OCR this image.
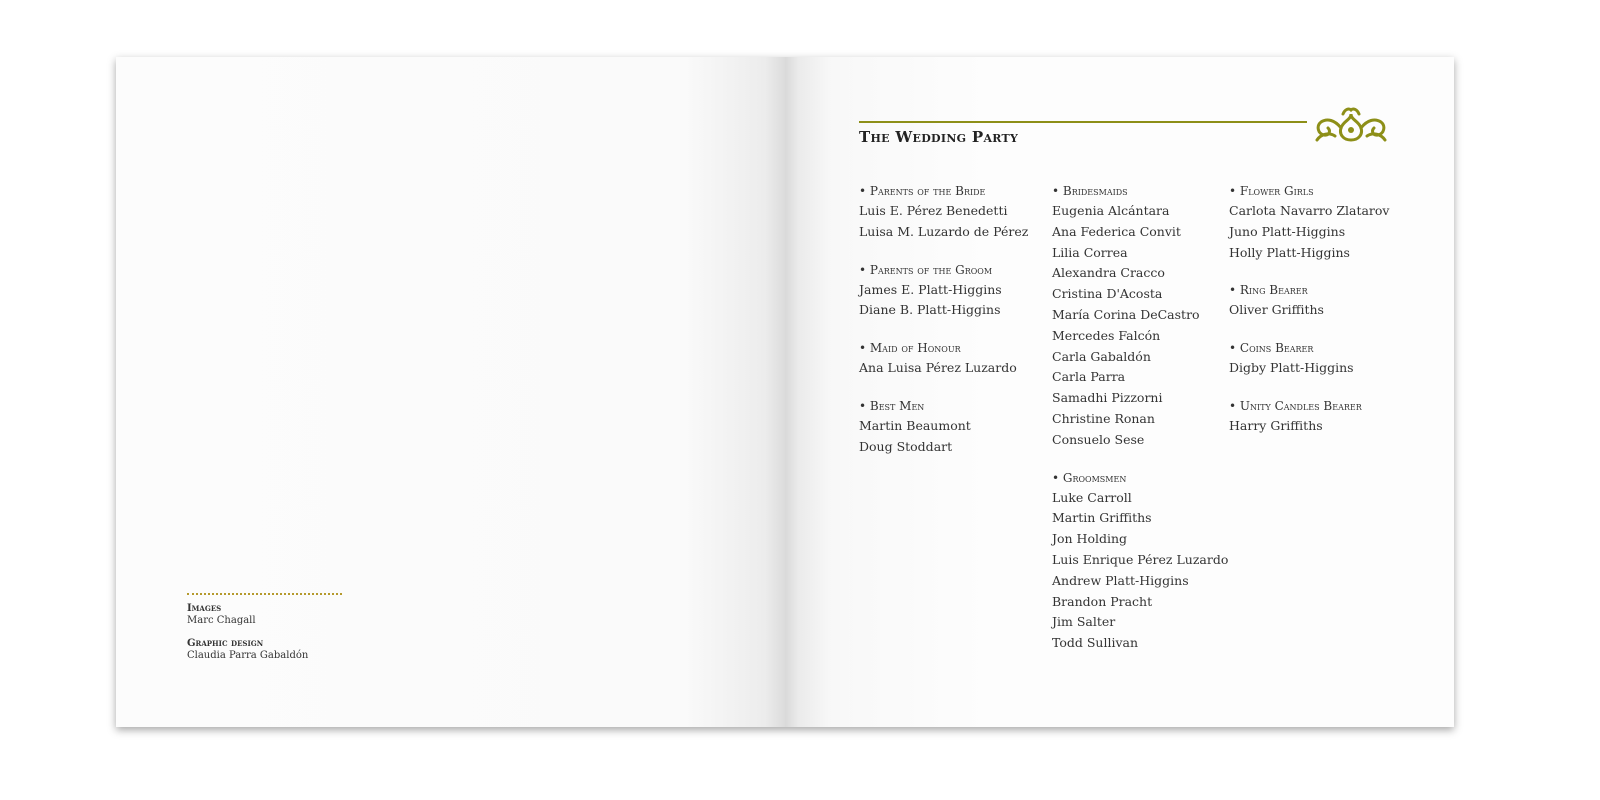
Images
Marc Chagall
Graphic design
Claudia Parra Gabaldón
The Wedding Party
• Parents of the Bride
Luis E. Pérez Benedetti
Luisa M. Luzardo de Pérez
• Parents of the Groom
James E. Platt-Higgins
Diane B. Platt-Higgins
• Maid of Honour
Ana Luisa Pérez Luzardo
• Best Men
Martin Beaumont
Doug Stoddart
• Bridesmaids
Eugenia Alcántara
Ana Federica Convit
Lilia Correa
Alexandra Cracco
Cristina D'Acosta
María Corina DeCastro
Mercedes Falcón
Carla Gabaldón
Carla Parra
Samadhi Pizzorni
Christine Ronan
Consuelo Sese
• Groomsmen
Luke Carroll
Martin Griffiths
Jon Holding
Luis Enrique Pérez Luzardo
Andrew Platt-Higgins
Brandon Pracht
Jim Salter
Todd Sullivan
• Flower Girls
Carlota Navarro Zlatarov
Juno Platt-Higgins
Holly Platt-Higgins
• Ring Bearer
Oliver Griffiths
• Coins Bearer
Digby Platt-Higgins
• Unity Candles Bearer
Harry Griffiths
